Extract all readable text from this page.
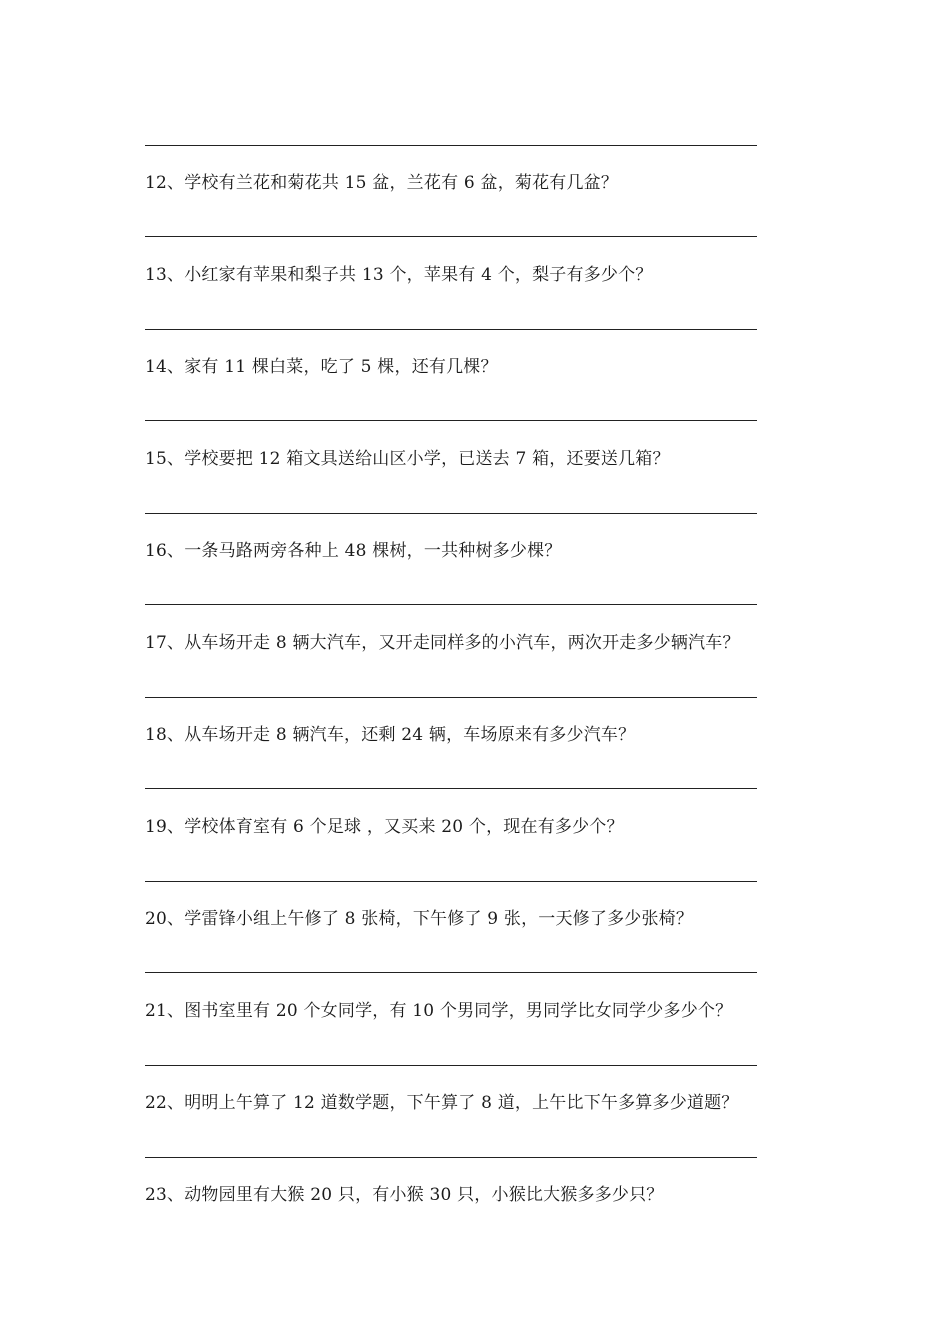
12、学校有兰花和菊花共 15 盆，兰花有 6 盆，菊花有几盆？
13、小红家有苹果和梨子共 13 个，苹果有 4 个，梨子有多少个？
14、家有 11 棵白菜，吃了 5 棵，还有几棵？
15、学校要把 12 箱文具送给山区小学，已送去 7 箱，还要送几箱？
16、一条马路两旁各种上 48 棵树，一共种树多少棵？
17、从车场开走 8 辆大汽车，又开走同样多的小汽车，两次开走多少辆汽车？
18、从车场开走 8 辆汽车，还剩 24 辆，车场原来有多少汽车？
19、学校体育室有 6 个足球 ，又买来 20 个，现在有多少个？
20、学雷锋小组上午修了 8 张椅，下午修了 9 张，一天修了多少张椅？
21、图书室里有 20 个女同学，有 10 个男同学，男同学比女同学少多少个？
22、明明上午算了 12 道数学题，下午算了 8 道，上午比下午多算多少道题？
23、动物园里有大猴 20 只，有小猴 30 只，小猴比大猴多多少只？
